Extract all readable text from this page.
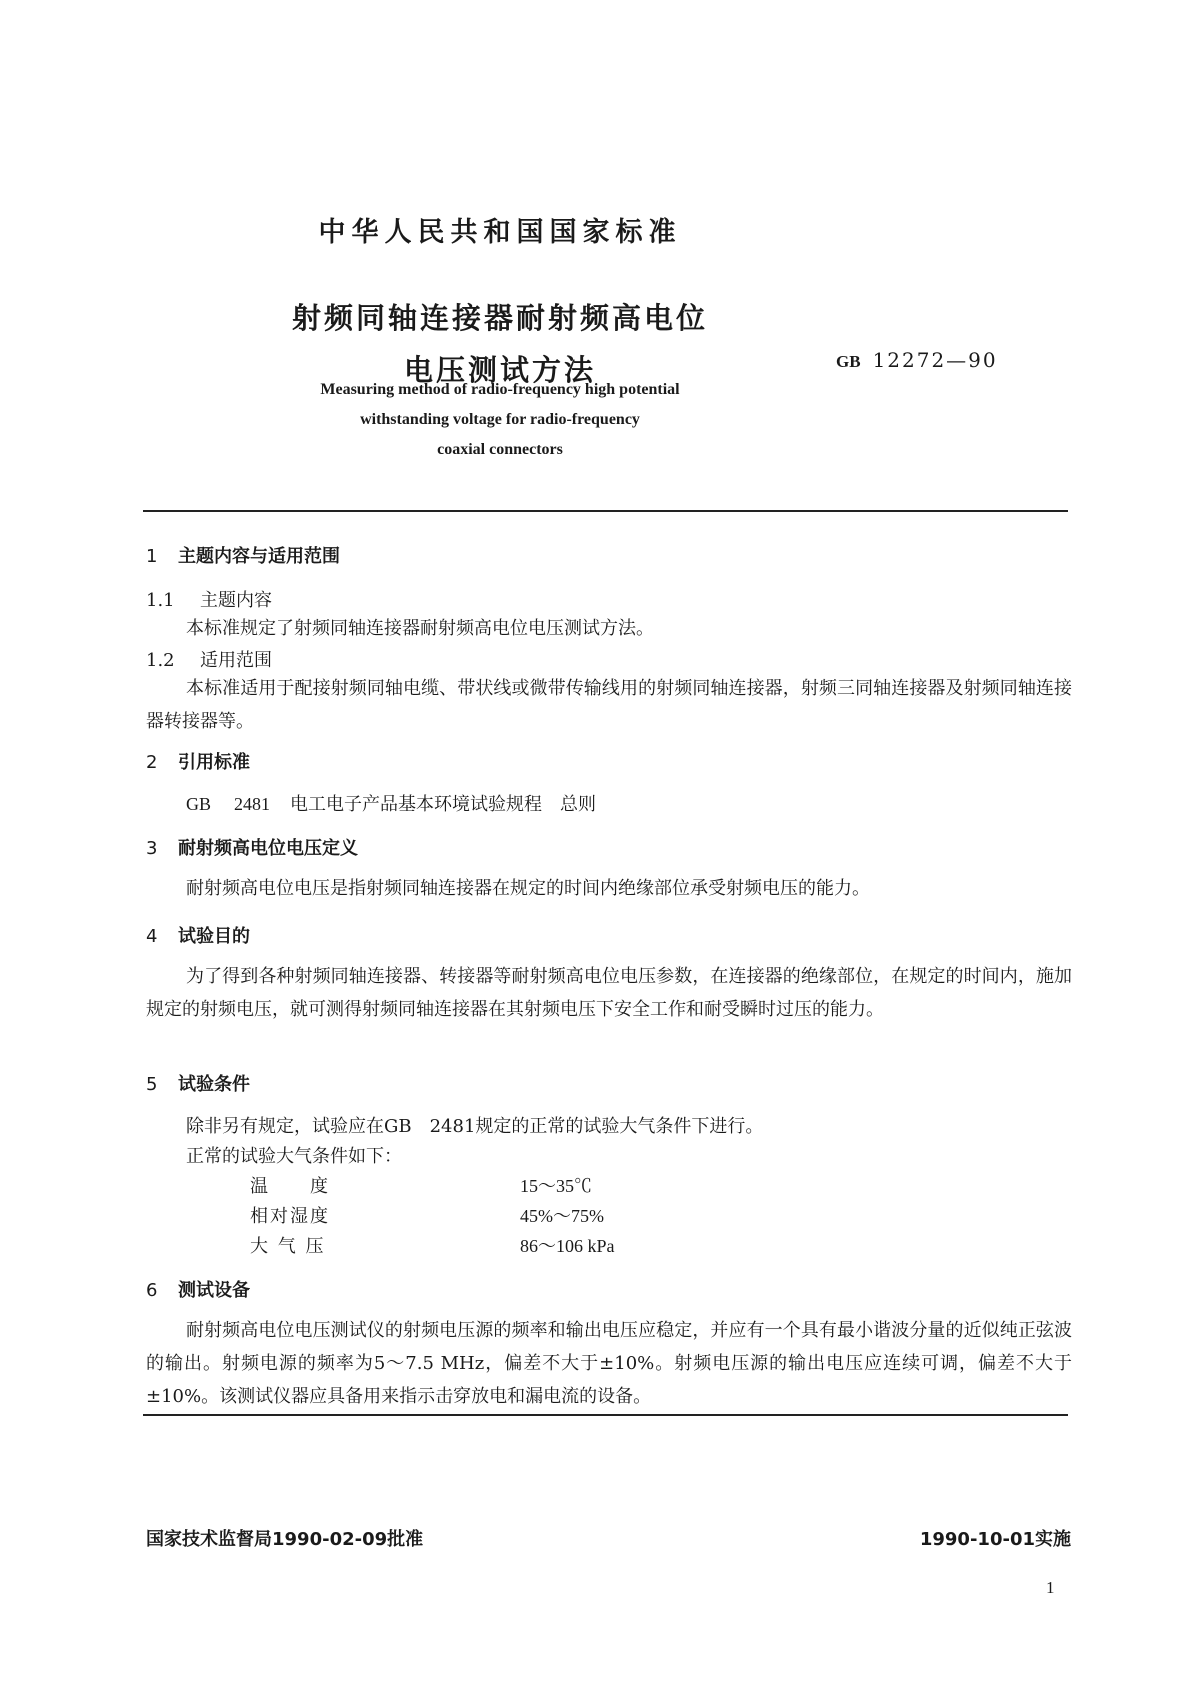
中华人民共和国国家标准
射频同轴连接器耐射频高电位
电压测试方法	GB 12272—90
Measuring method of radio-frequency high potential
withstanding voltage for radio-frequency
coaxial connectors
1 主题内容与适用范围
1.1 主题内容

本标准规定了射频同轴连接器耐射频高电位电压测试方法。

1.2 适用范围

本标准适用于配接射频同轴电缆、带状线或微带传输线用的射频同轴连接器，射频三同轴连接器及射频同轴连接器转接器等。

2 引用标准
GB 2481 电工电子产品基本环境试验规程 总则
3 耐射频高电位电压定义

耐射频高电位电压是指射频同轴连接器在规定的时间内绝缘部位承受射频电压的能力。

4 试验目的

为了得到各种射频同轴连接器、转接器等耐射频高电位电压参数，在连接器的绝缘部位，在规定的时间内，施加规定的射频电压，就可测得射频同轴连接器在其射频电压下安全工作和耐受瞬时过压的能力。

5 试验条件
除非另有规定，试验应在GB　2481规定的正常的试验大气条件下进行。
正常的试验大气条件如下：
温　　度	15～35℃
相对湿度	45%～75%
大 气 压	86～106 kPa
6 测试设备

耐射频高电位电压测试仪的射频电压源的频率和输出电压应稳定，并应有一个具有最小谐波分量的近似纯正弦波的输出。射频电源的频率为5～7.5 MHz，偏差不大于±10%。射频电压源的输出电压应连续可调，偏差不大于±10%。该测试仪器应具备用来指示击穿放电和漏电流的设备。

国家技术监督局1990-02-09批准	1990-10-01实施
1
